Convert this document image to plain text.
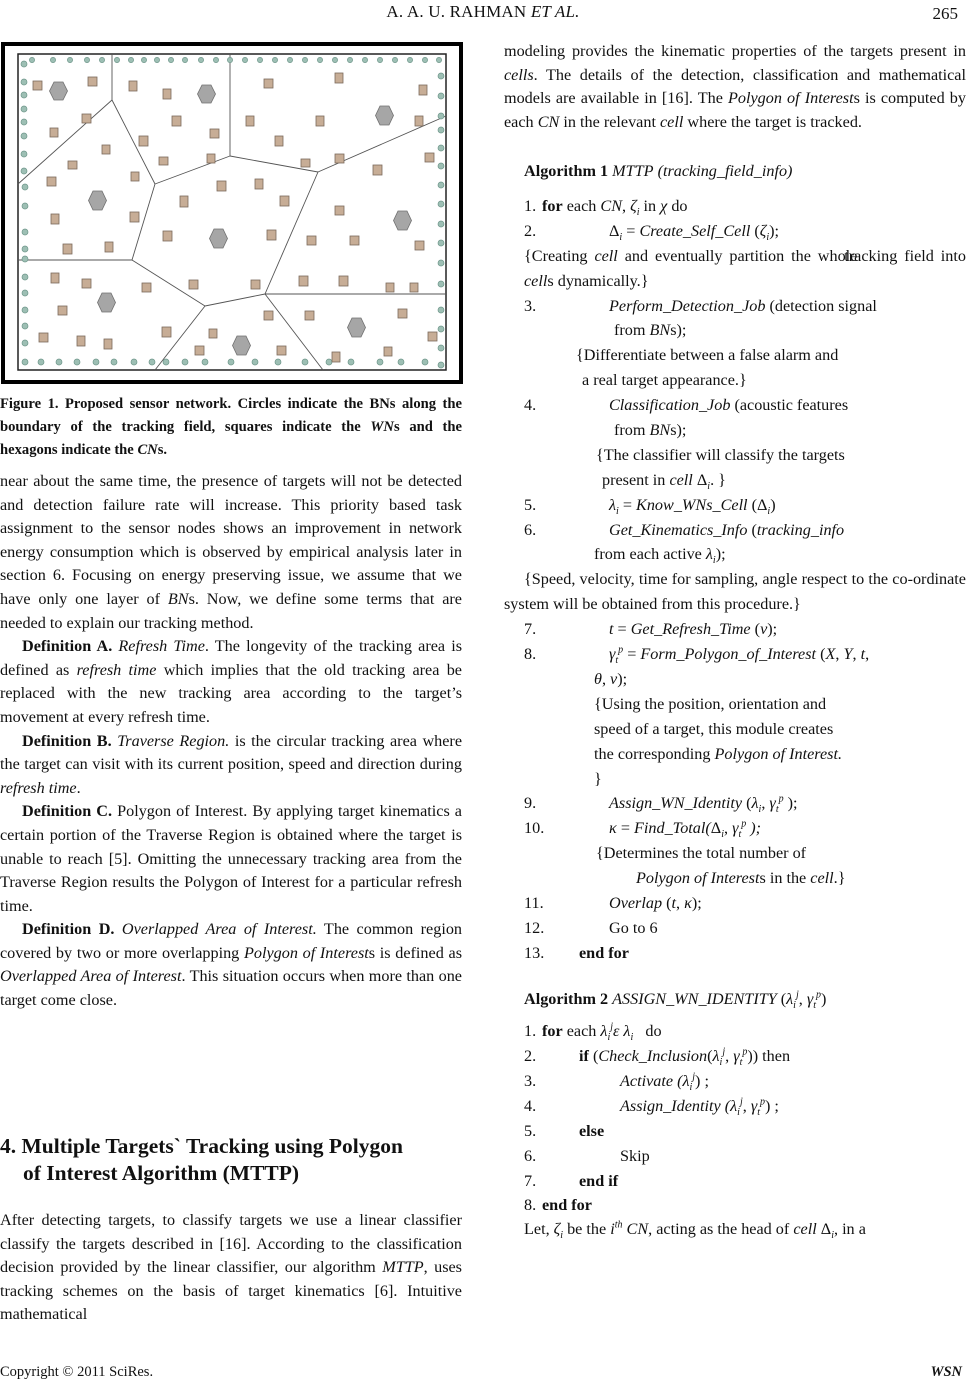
A. A. U. RAHMAN ET AL.	265

Figure 1. Proposed sensor network. Circles indicate the BNs along the boundary of the tracking field, squares indicate the WNs and the hexagons indicate the CNs.

near about the same time, the presence of targets will not be detected and detection failure rate will increase. This priority based task assignment to the sensor nodes shows an improvement in network energy consumption which is observed by empirical analysis later in section 6. Focusing on energy preserving issue, we assume that we have only one layer of BNs. Now, we define some terms that are needed to explain our tracking method.

Definition A. Refresh Time. The longevity of the tracking area is defined as refresh time which implies that the old tracking area be replaced with the new tracking area according to the target’s movement at every refresh time.

Definition B. Traverse Region. is the circular tracking area where the target can visit with its current position, speed and direction during refresh time.

Definition C. Polygon of Interest. By applying target kinematics a certain portion of the Traverse Region is obtained where the target is unable to reach [5]. Omitting the unnecessary tracking area from the Traverse Region results the Polygon of Interest for a particular refresh time.

Definition D. Overlapped Area of Interest. The common region covered by two or more overlapping Polygon of Interests is defined as Overlapped Area of Interest. This situation occurs when more than one target come close.

4. Multiple Targets` Tracking using Polygon
of Interest Algorithm (MTTP)

After detecting targets, to classify targets we use a linear classifier classify the targets described in [16]. According to the classification decision provided by the linear classifier, our algorithm MTTP, uses tracking schemes on the basis of target kinematics [6]. Intuitive mathematical

modeling provides the kinematic properties of the targets present in cells. The details of the detection, classification and mathematical models are available in [16]. The Polygon of Interests is computed by each CN in the relevant cell where the target is tracked.

Algorithm 1 MTTP (tracking_field_info)

1. for each CN, $\zeta_i$ in χ do
2.	$\Delta_i$ = Create_Self_Cell $(\zeta_i)$;

{Creating cell and eventually partition the whole tracking field into cells dynamically.}

3.	Perform_Detection_Job (detection signal
from BNs);
{Differentiate between a false alarm and
a real target appearance.}
4.	Classification_Job (acoustic features
from BNs);
{The classifier will classify the targets
present in cell $\Delta_i$. }
5.	$\lambda_i$ = Know_WNs_Cell $(\Delta_i)$
6.	Get_Kinematics_Info (tracking_info
from each active $\lambda_i$);

{Speed, velocity, time for sampling, angle respect to the co-ordinate system will be obtained from this procedure.}

7.	t = Get_Refresh_Time (v);
8.	$\gamma_t^p$ = Form_Polygon_of_Interest (X, Y, t,
θ, v);
{Using the position, orientation and
speed of a target, this module creates
the corresponding Polygon of Interest.
}
9.	Assign_WN_Identity ($\lambda_i$, $\gamma_t^p$ );
10.	$\kappa = Find\_Total(\Delta_i$, $\gamma_t^p$ );
{Determines the total number of
Polygon of Interests in the cell.}
11.	Overlap (t, κ);
12.	Go to 6
13. end for

Algorithm 2 ASSIGN_WN_IDENTITY ($\lambda_i^j$, $\gamma_t^p$)

1. for each $\lambda_i^j\varepsilon$ $\lambda_i$   do
2.	if ($Check\_Inclusion(\lambda_i^j$, $\gamma_t^p$)) then
3.	Activate $(\lambda_i^j)$ ;
4.	Assign_Identity ($\lambda_i^j$, $\gamma_t^p$) ;
5.	else
6.	Skip
7.	end if
8. end for

Let, $\zeta_i$ be the $i^{th}$ CN, acting as the head of cell $\Delta_i$, in a

Copyright © 2011 SciRes.	WSN
